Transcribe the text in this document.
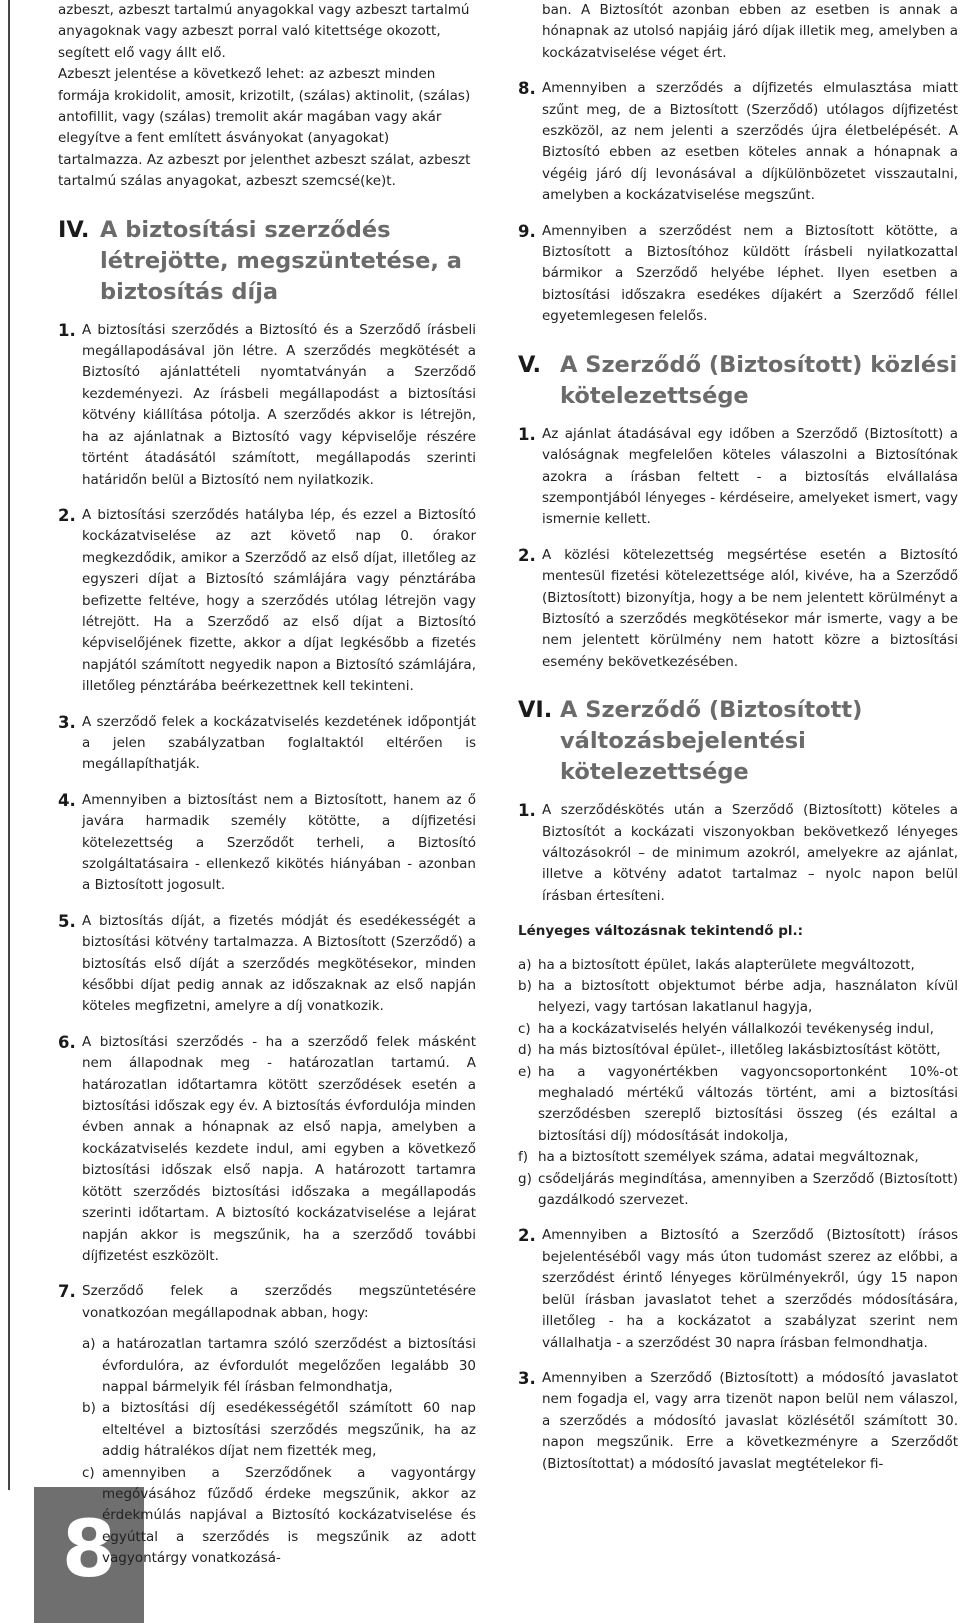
8

azbeszt, azbeszt tartalmú anyagokkal vagy azbeszt tartalmú anyagoknak vagy azbeszt porral való kitettsége okozott, segített elő vagy állt elő.

Azbeszt jelentése a következő lehet: az azbeszt minden formája krokidolit, amosit, krizotilt, (szálas) aktinolit, (szálas) antofillit, vagy (szálas) tremolit akár magában vagy akár elegyítve a fent említett ásványokat (anyagokat) tartalmazza. Az azbeszt por jelenthet azbeszt szálat, azbeszt tartalmú szálas anyagokat, azbeszt szemcsé(ke)t.

IV. A biztosítási szerződés létrejötte, megszüntetése, a biztosítás díja
1. A biztosítási szerződés a Biztosító és a Szerződő írásbeli megállapodásával jön létre. A szerződés megkötését a Biztosító ajánlattételi nyomtatványán a Szerződő kezdeményezi. Az írásbeli megállapodást a biztosítási kötvény kiállítása pótolja. A szerződés akkor is létrejön, ha az ajánlatnak a Biztosító vagy képviselője részére történt átadásától számított, megállapodás szerinti határidőn belül a Biztosító nem nyilatkozik.

2. A biztosítási szerződés hatályba lép, és ezzel a Biztosító kockázatviselése az azt követő nap 0. órakor megkezdődik, amikor a Szerződő az első díjat, illetőleg az egyszeri díjat a Biztosító számlájára vagy pénztárába befizette feltéve, hogy a szerződés utólag létrejön vagy létrejött. Ha a Szerződő az első díjat a Biztosító képviselőjének fizette, akkor a díjat legkésőbb a fizetés napjától számított negyedik napon a Biztosító számlájára, illetőleg pénztárába beérkezettnek kell tekinteni.

3. A szerződő felek a kockázatviselés kezdetének időpontját a jelen szabályzatban foglaltaktól eltérően is megállapíthatják.

4. Amennyiben a biztosítást nem a Biztosított, hanem az ő javára harmadik személy kötötte, a díjfizetési kötelezettség a Szerződőt terheli, a Biztosító szolgáltatásaira - ellenkező kikötés hiányában - azonban a Biztosított jogosult.

5. A biztosítás díját, a fizetés módját és esedékességét a biztosítási kötvény tartalmazza. A Biztosított (Szerződő) a biztosítás első díját a szerződés megkötésekor, minden későbbi díjat pedig annak az időszaknak az első napján köteles megfizetni, amelyre a díj vonatkozik.

6. A biztosítási szerződés - ha a szerződő felek másként nem állapodnak meg - határozatlan tartamú. A határozatlan időtartamra kötött szerződések esetén a biztosítási időszak egy év. A biztosítás évfordulója minden évben annak a hónapnak az első napja, amelyben a kockázatviselés kezdete indul, ami egyben a következő biztosítási időszak első napja. A határozott tartamra kötött szerződés biztosítási időszaka a megállapodás szerinti időtartam. A biztosító kockázatviselése a lejárat napján akkor is megszűnik, ha a szerződő további díjfizetést eszközölt.

7. Szerződő felek a szerződés megszüntetésére vonatkozóan megállapodnak abban, hogy:

a) a határozatlan tartamra szóló szerződést a biztosítási évfordulóra, az évfordulót megelőzően legalább 30 nappal bármelyik fél írásban felmondhatja,
b) a biztosítási díj esedékességétől számított 60 nap elteltével a biztosítási szerződés megszűnik, ha az addig hátralékos díjat nem fizették meg,
c) amennyiben a Szerződőnek a vagyontárgy megóvásához fűződő érdeke megszűnik, akkor az érdekmúlás napjával a Biztosító kockázatviselése és egyúttal a szerződés is megszűnik az adott vagyontárgy vonatkozásá-

ban. A Biztosítót azonban ebben az esetben is annak a hónapnak az utolsó napjáig járó díjak illetik meg, amelyben a kockázatviselése véget ért.

8. Amennyiben a szerződés a díjfizetés elmulasztása miatt szűnt meg, de a Biztosított (Szerződő) utólagos díjfizetést eszközöl, az nem jelenti a szerződés újra életbelépését. A Biztosító ebben az esetben köteles annak a hónapnak a végéig járó díj levonásával a díjkülönbözetet visszautalni, amelyben a kockázatviselése megszűnt.

9. Amennyiben a szerződést nem a Biztosított kötötte, a Biztosított a Biztosítóhoz küldött írásbeli nyilatkozattal bármikor a Szerződő helyébe léphet. Ilyen esetben a biztosítási időszakra esedékes díjakért a Szerződő féllel egyetemlegesen felelős.

V. A Szerződő (Biztosított) közlési kötelezettsége
1. Az ajánlat átadásával egy időben a Szerződő (Biztosított) a valóságnak megfelelően köteles válaszolni a Biztosítónak azokra a írásban feltett - a biztosítás elvállalása szempontjából lényeges - kérdéseire, amelyeket ismert, vagy ismernie kellett.

2. A közlési kötelezettség megsértése esetén a Biztosító mentesül fizetési kötelezettsége alól, kivéve, ha a Szerződő (Biztosított) bizonyítja, hogy a be nem jelentett körülményt a Biztosító a szerződés megkötésekor már ismerte, vagy a be nem jelentett körülmény nem hatott közre a biztosítási esemény bekövetkezésében.

VI. A Szerződő (Biztosított) változásbejelentési kötelezettsége
1. A szerződéskötés után a Szerződő (Biztosított) köteles a Biztosítót a kockázati viszonyokban bekövetkező lényeges változásokról – de minimum azokról, amelyekre az ajánlat, illetve a kötvény adatot tartalmaz – nyolc napon belül írásban értesíteni.

Lényeges változásnak tekintendő pl.:

a) ha a biztosított épület, lakás alapterülete megváltozott,
b) ha a biztosított objektumot bérbe adja, használaton kívül helyezi, vagy tartósan lakatlanul hagyja,
c) ha a kockázatviselés helyén vállalkozói tevékenység indul,
d) ha más biztosítóval épület-, illetőleg lakásbiztosítást kötött,
e) ha a vagyonértékben vagyoncsoportonként 10%-ot meghaladó mértékű változás történt, ami a biztosítási szerződésben szereplő biztosítási összeg (és ezáltal a biztosítási díj) módosítását indokolja,
f) ha a biztosított személyek száma, adatai megváltoznak,
g) csődeljárás megindítása, amennyiben a Szerződő (Biztosított) gazdálkodó szervezet.
2. Amennyiben a Biztosító a Szerződő (Biztosított) írásos bejelentéséből vagy más úton tudomást szerez az előbbi, a szerződést érintő lényeges körülményekről, úgy 15 napon belül írásban javaslatot tehet a szerződés módosítására, illetőleg - ha a kockázatot a szabályzat szerint nem vállalhatja - a szerződést 30 napra írásban felmondhatja.

3. Amennyiben a Szerződő (Biztosított) a módosító javaslatot nem fogadja el, vagy arra tizenöt napon belül nem válaszol, a szerződés a módosító javaslat közlésétől számított 30. napon megszűnik. Erre a következményre a Szerződőt (Biztosítottat) a módosító javaslat megtételekor fi-
